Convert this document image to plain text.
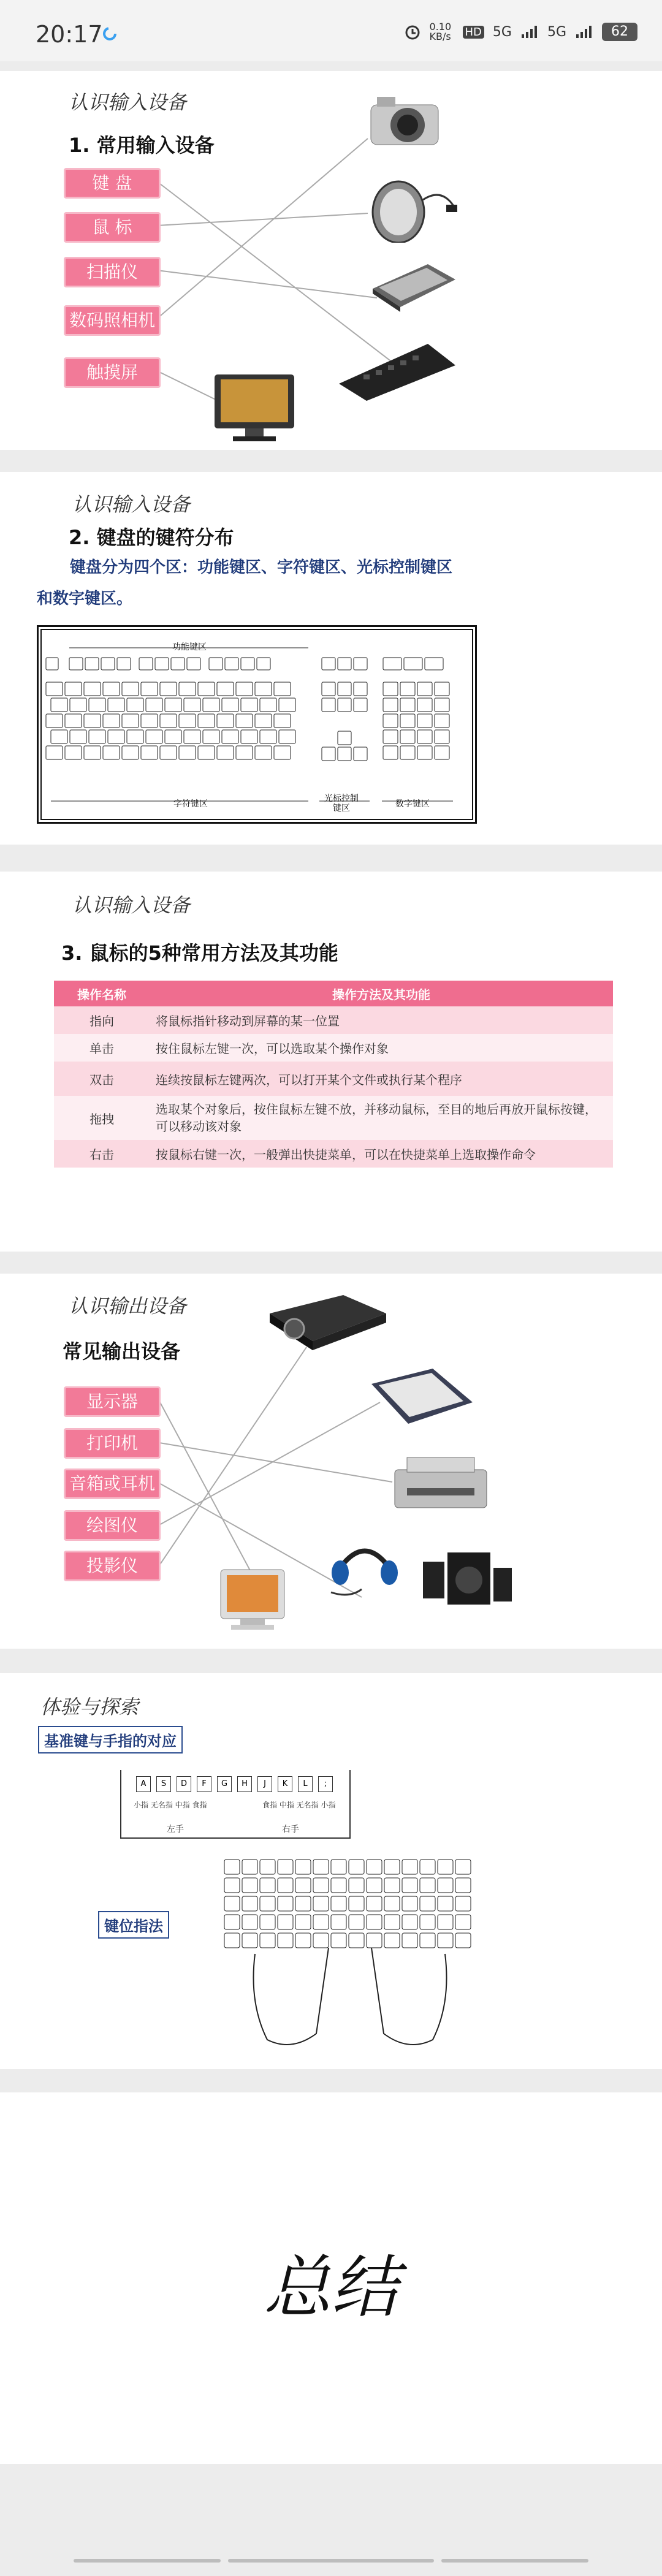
20:17	0.10 KB/s HD 5G	5G	62
认识输入设备
1. 常用输入设备
键 盘
鼠 标
扫描仪
数码照相机
触摸屏
认识输入设备
2. 键盘的键符分布
键盘分为四个区：功能键区、字符键区、光标控制键区
和数字键区。
功能键区
字符键区
光标控制键区	数字键区
认识输入设备
3. 鼠标的5种常用方法及其功能
操作名称	操作方法及其功能
指向	将鼠标指针移动到屏幕的某一位置
单击	按住鼠标左键一次，可以选取某个操作对象
双击	连续按鼠标左键两次，可以打开某个文件或执行某个程序
拖拽	选取某个对象后，按住鼠标左键不放，并移动鼠标，至目的地后再放开鼠标按键，可以移动该对象
右击	按鼠标右键一次，一般弹出快捷菜单，可以在快捷菜单上选取操作命令
认识输出设备
常见输出设备
显示器
打印机
音箱或耳机
绘图仪
投影仪
体验与探索
基准键与手指的对应
A	S	D	F	G	H	J	K	L	;
小指 无名指 中指 食指	食指 中指 无名指 小指
左手	右手
键位指法
总结
